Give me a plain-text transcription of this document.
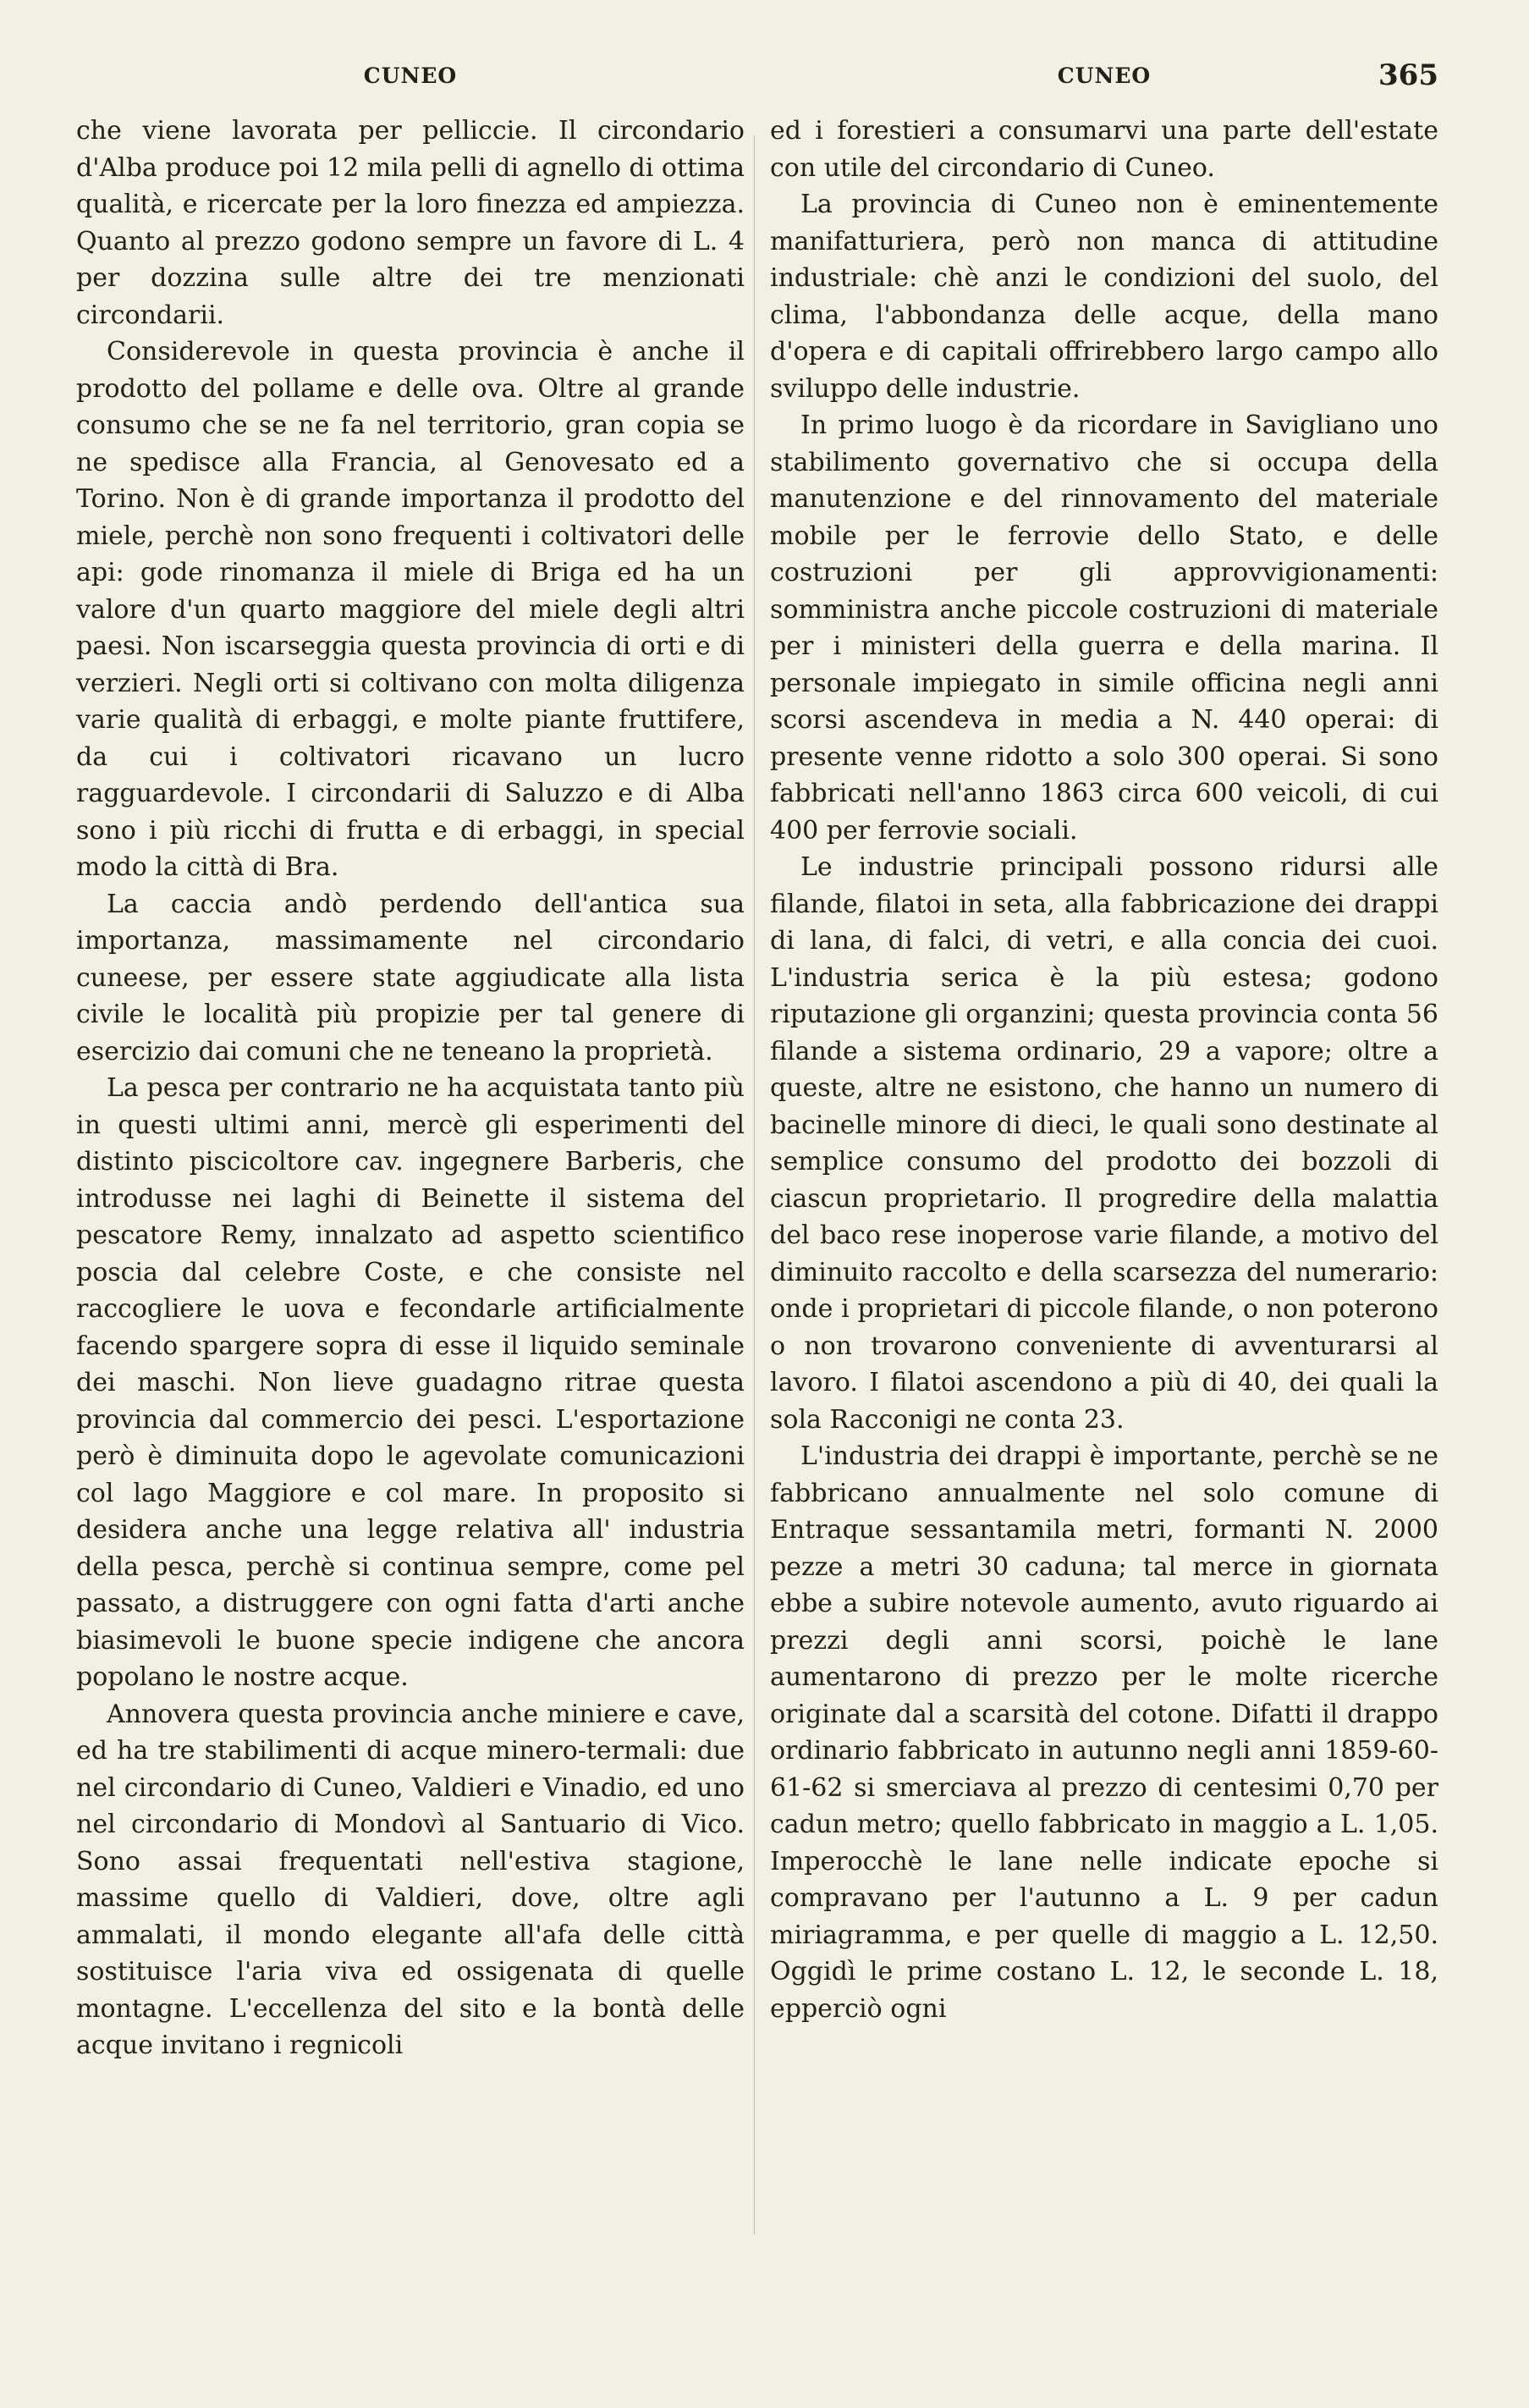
CUNEO

che viene lavorata per pelliccie. Il circondario d'Alba produce poi 12 mila pelli di agnello di ottima qualità, e ricercate per la loro finezza ed ampiezza. Quanto al prezzo godono sempre un favore di L. 4 per dozzina sulle altre dei tre menzionati circondarii.

Considerevole in questa provincia è anche il prodotto del pollame e delle ova. Oltre al grande consumo che se ne fa nel territorio, gran copia se ne spedisce alla Francia, al Genovesato ed a Torino. Non è di grande importanza il prodotto del miele, perchè non sono frequenti i coltivatori delle api: gode rinomanza il miele di Briga ed ha un valore d'un quarto maggiore del miele degli altri paesi. Non iscarseggia questa provincia di orti e di verzieri. Negli orti si coltivano con molta diligenza varie qualità di erbaggi, e molte piante fruttifere, da cui i coltivatori ricavano un lucro ragguardevole. I circondarii di Saluzzo e di Alba sono i più ricchi di frutta e di erbaggi, in special modo la città di Bra.

La caccia andò perdendo dell'antica sua importanza, massimamente nel circondario cuneese, per essere state aggiudicate alla lista civile le località più propizie per tal genere di esercizio dai comuni che ne teneano la proprietà.

La pesca per contrario ne ha acquistata tanto più in questi ultimi anni, mercè gli esperimenti del distinto piscicoltore cav. ingegnere Barberis, che introdusse nei laghi di Beinette il sistema del pescatore Remy, innalzato ad aspetto scientifico poscia dal celebre Coste, e che consiste nel raccogliere le uova e fecondarle artificialmente facendo spargere sopra di esse il liquido seminale dei maschi. Non lieve guadagno ritrae questa provincia dal commercio dei pesci. L'esportazione però è diminuita dopo le agevolate comunicazioni col lago Maggiore e col mare. In proposito si desidera anche una legge relativa all' industria della pesca, perchè si continua sempre, come pel passato, a distruggere con ogni fatta d'arti anche biasimevoli le buone specie indigene che ancora popolano le nostre acque.

Annovera questa provincia anche miniere e cave, ed ha tre stabilimenti di acque minero-termali: due nel circondario di Cuneo, Valdieri e Vinadio, ed uno nel circondario di Mondovì al Santuario di Vico. Sono assai frequentati nell'estiva stagione, massime quello di Valdieri, dove, oltre agli ammalati, il mondo elegante all'afa delle città sostituisce l'aria viva ed ossigenata di quelle montagne. L'eccellenza del sito e la bontà delle acque invitano i regnicoli

CUNEO	365

ed i forestieri a consumarvi una parte dell'estate con utile del circondario di Cuneo.

La provincia di Cuneo non è eminentemente manifatturiera, però non manca di attitudine industriale: chè anzi le condizioni del suolo, del clima, l'abbondanza delle acque, della mano d'opera e di capitali offrirebbero largo campo allo sviluppo delle industrie.

In primo luogo è da ricordare in Savigliano uno stabilimento governativo che si occupa della manutenzione e del rinnovamento del materiale mobile per le ferrovie dello Stato, e delle costruzioni per gli approvvigionamenti: somministra anche piccole costruzioni di materiale per i ministeri della guerra e della marina. Il personale impiegato in simile officina negli anni scorsi ascendeva in media a N. 440 operai: di presente venne ridotto a solo 300 operai. Si sono fabbricati nell'anno 1863 circa 600 veicoli, di cui 400 per ferrovie sociali.

Le industrie principali possono ridursi alle filande, filatoi in seta, alla fabbricazione dei drappi di lana, di falci, di vetri, e alla concia dei cuoi. L'industria serica è la più estesa; godono riputazione gli organzini; questa provincia conta 56 filande a sistema ordinario, 29 a vapore; oltre a queste, altre ne esistono, che hanno un numero di bacinelle minore di dieci, le quali sono destinate al semplice consumo del prodotto dei bozzoli di ciascun proprietario. Il progredire della malattia del baco rese inoperose varie filande, a motivo del diminuito raccolto e della scarsezza del numerario: onde i proprietari di piccole filande, o non poterono o non trovarono conveniente di avventurarsi al lavoro. I filatoi ascendono a più di 40, dei quali la sola Racconigi ne conta 23.

L'industria dei drappi è importante, perchè se ne fabbricano annualmente nel solo comune di Entraque sessantamila metri, formanti N. 2000 pezze a metri 30 caduna; tal merce in giornata ebbe a subire notevole aumento, avuto riguardo ai prezzi degli anni scorsi, poichè le lane aumentarono di prezzo per le molte ricerche originate dal a scarsità del cotone. Difatti il drappo ordinario fabbricato in autunno negli anni 1859-60-61-62 si smerciava al prezzo di centesimi 0,70 per cadun metro; quello fabbricato in maggio a L. 1,05. Imperocchè le lane nelle indicate epoche si compravano per l'autunno a L. 9 per cadun miriagramma, e per quelle di maggio a L. 12,50. Oggidì le prime costano L. 12, le seconde L. 18, epperciò ogni
